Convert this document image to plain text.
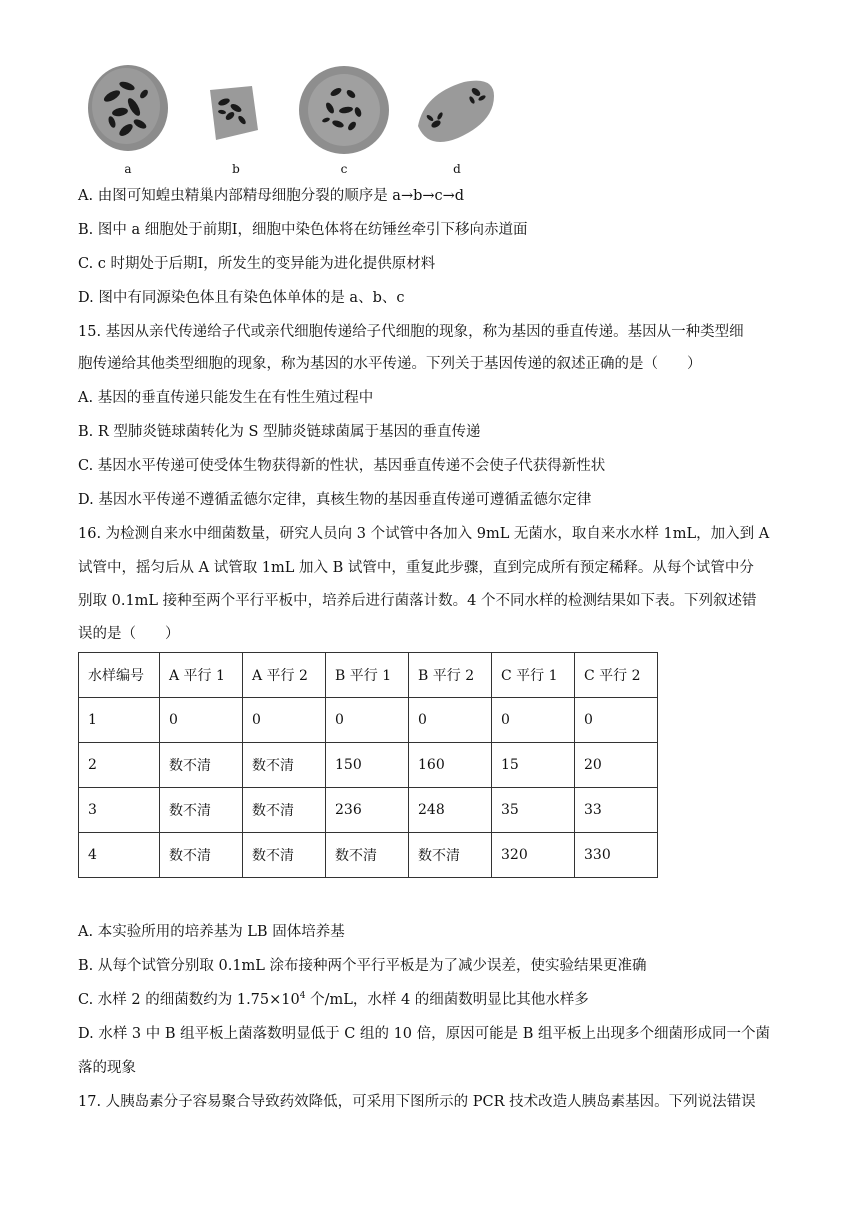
a	b	c	d
A. 由图可知蝗虫精巢内部精母细胞分裂的顺序是 a→b→c→d
B. 图中 a 细胞处于前期Ⅰ，细胞中染色体将在纺锤丝牵引下移向赤道面
C. c 时期处于后期Ⅰ，所发生的变异能为进化提供原材料
D. 图中有同源染色体且有染色体单体的是 a、b、c
15. 基因从亲代传递给子代或亲代细胞传递给子代细胞的现象，称为基因的垂直传递。基因从一种类型细
胞传递给其他类型细胞的现象，称为基因的水平传递。下列关于基因传递的叙述正确的是（　　）
A. 基因的垂直传递只能发生在有性生殖过程中
B. R 型肺炎链球菌转化为 S 型肺炎链球菌属于基因的垂直传递
C. 基因水平传递可使受体生物获得新的性状，基因垂直传递不会使子代获得新性状
D. 基因水平传递不遵循孟德尔定律，真核生物的基因垂直传递可遵循孟德尔定律
16. 为检测自来水中细菌数量，研究人员向 3 个试管中各加入 9mL 无菌水，取自来水水样 1mL，加入到 A
试管中，摇匀后从 A 试管取 1mL 加入 B 试管中，重复此步骤，直到完成所有预定稀释。从每个试管中分
别取 0.1mL 接种至两个平行平板中，培养后进行菌落计数。4 个不同水样的检测结果如下表。下列叙述错
误的是（　　）
水样编号	A 平行 1	A 平行 2	B 平行 1	B 平行 2	C 平行 1	C 平行 2
1	0	0	0	0	0	0
2	数不清	数不清	150	160	15	20
3	数不清	数不清	236	248	35	33
4	数不清	数不清	数不清	数不清	320	330
A. 本实验所用的培养基为 LB 固体培养基
B. 从每个试管分别取 0.1mL 涂布接种两个平行平板是为了减少误差，使实验结果更准确
C. 水样 2 的细菌数约为 $1.75\times 10^4$ 个/mL，水样 4 的细菌数明显比其他水样多
D. 水样 3 中 B 组平板上菌落数明显低于 C 组的 10 倍，原因可能是 B 组平板上出现多个细菌形成同一个菌
落的现象
17. 人胰岛素分子容易聚合导致药效降低，可采用下图所示的 PCR 技术改造人胰岛素基因。下列说法错误
